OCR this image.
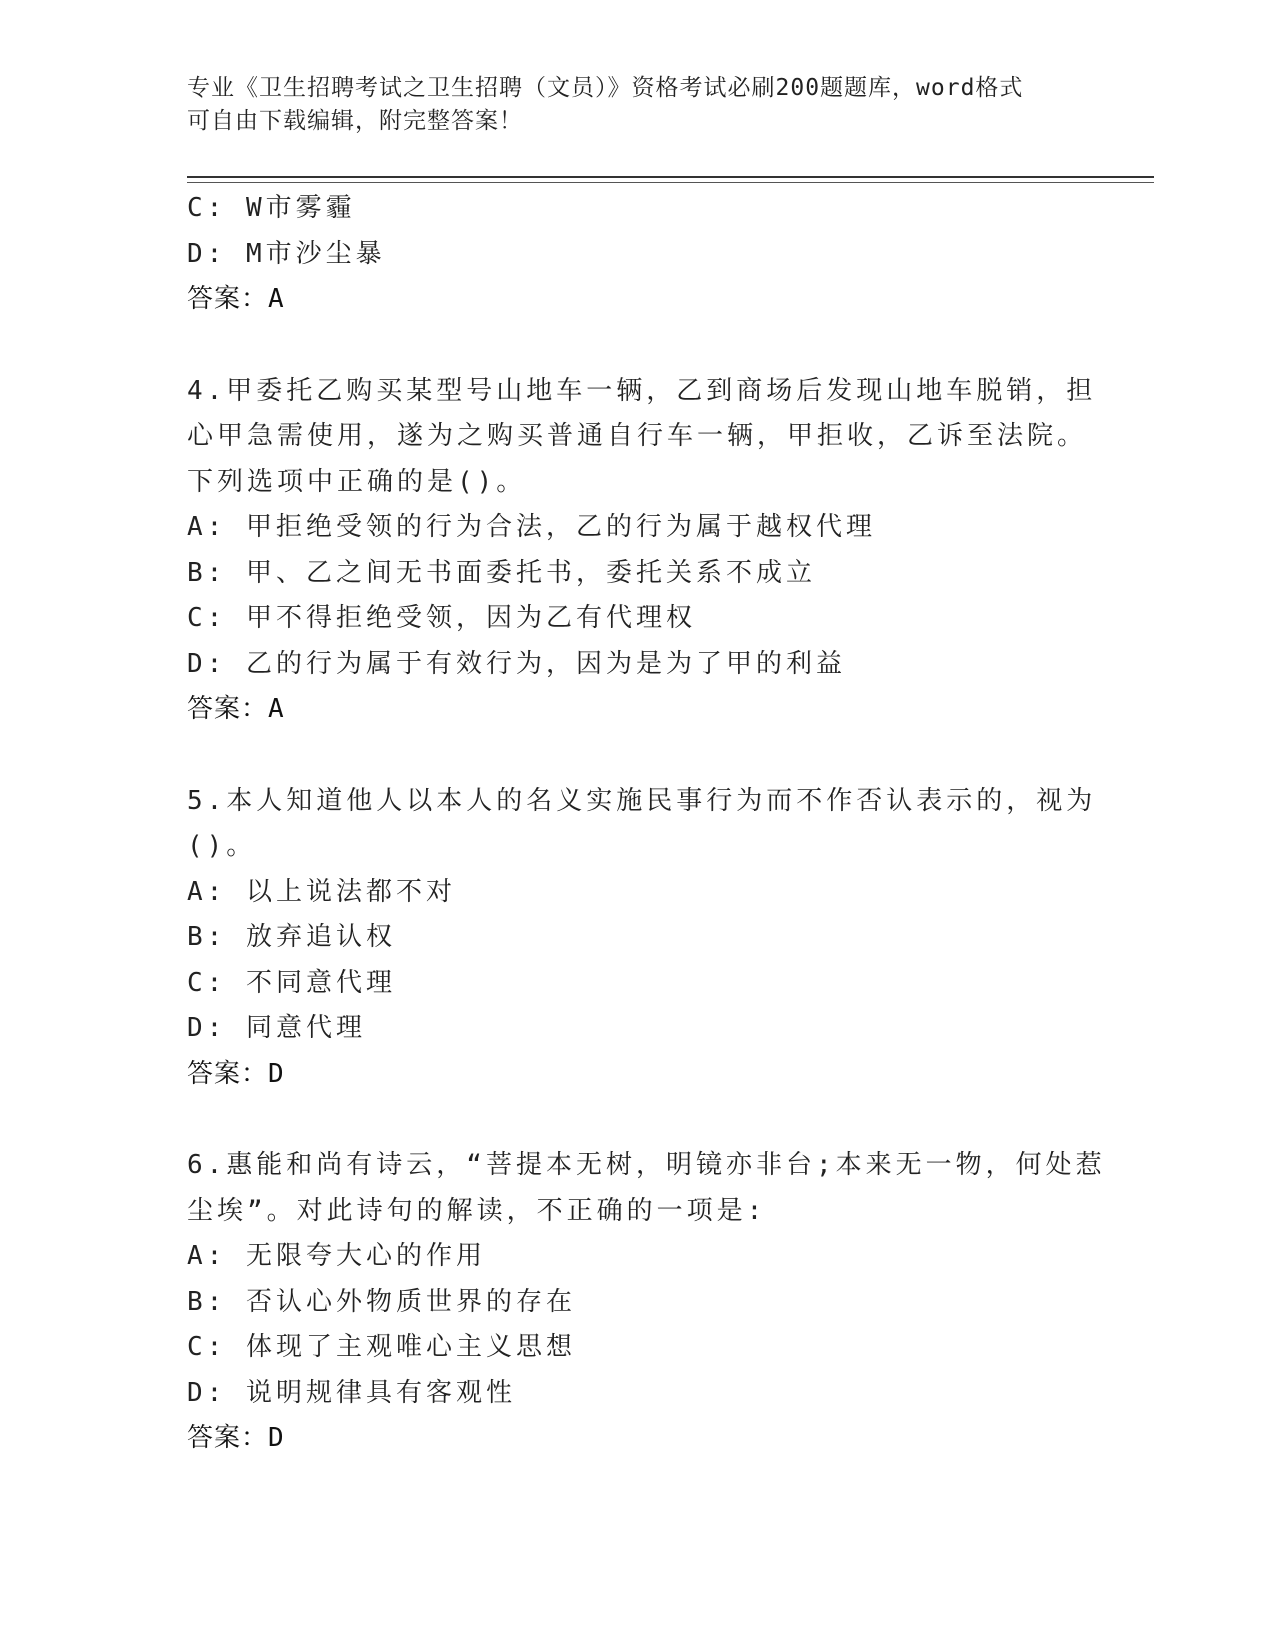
专业《卫生招聘考试之卫生招聘（文员）》资格考试必刷200题题库，word格式
可自由下载编辑，附完整答案！
C: W市雾霾
D: M市沙尘暴
答案：A
4.甲委托乙购买某型号山地车一辆，乙到商场后发现山地车脱销，担
心甲急需使用，遂为之购买普通自行车一辆，甲拒收，乙诉至法院。
下列选项中正确的是()。
A: 甲拒绝受领的行为合法，乙的行为属于越权代理
B: 甲、乙之间无书面委托书，委托关系不成立
C: 甲不得拒绝受领，因为乙有代理权
D: 乙的行为属于有效行为，因为是为了甲的利益
答案：A
5.本人知道他人以本人的名义实施民事行为而不作否认表示的，视为
()。
A: 以上说法都不对
B: 放弃追认权
C: 不同意代理
D: 同意代理
答案：D
6.惠能和尚有诗云，“菩提本无树，明镜亦非台;本来无一物，何处惹
尘埃”。对此诗句的解读，不正确的一项是:
A: 无限夸大心的作用
B: 否认心外物质世界的存在
C: 体现了主观唯心主义思想
D: 说明规律具有客观性
答案：D
